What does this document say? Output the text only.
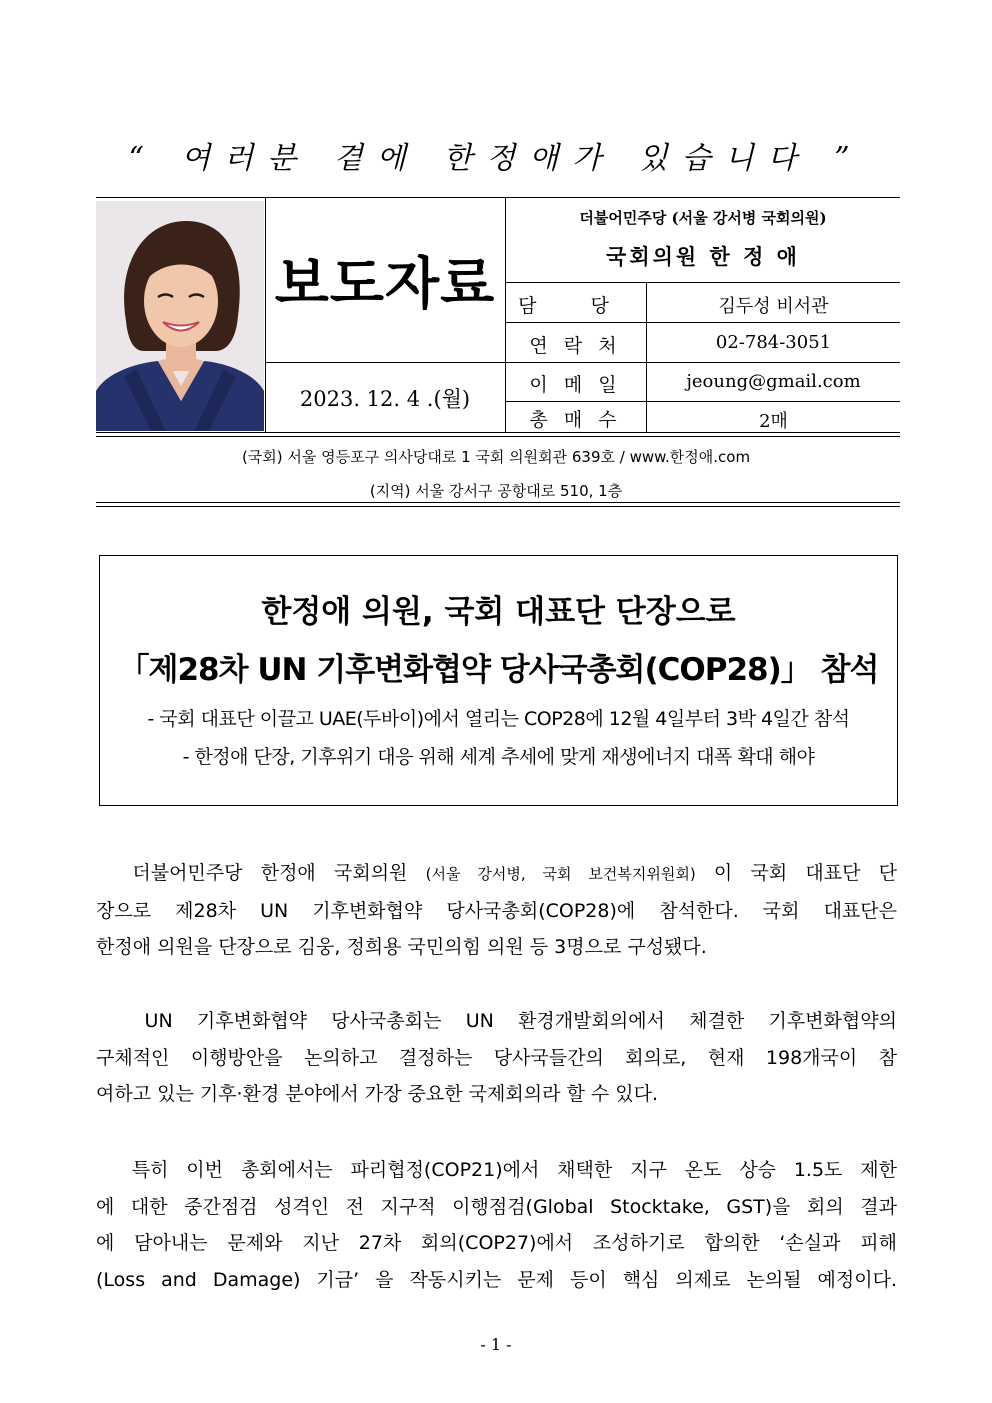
“ 여러분 곁에 한정애가 있습니다 ”
보도자료
2023. 12. 4 .(월)
더불어민주당 (서울 강서병 국회의원)
국회의원 한 정 애
담 당	김두성 비서관
연 락 처	02-784-3051
이 메 일	jeoung@gmail.com
총 매 수	2매
(국회) 서울 영등포구 의사당대로 1 국회 의원회관 639호 / www.한정애.com
(지역) 서울 강서구 공항대로 510, 1층
한정애 의원, 국회 대표단 단장으로
「제28차 UN 기후변화협약 당사국총회(COP28)」 참석
- 국회 대표단 이끌고 UAE(두바이)에서 열리는 COP28에 12월 4일부터 3박 4일간 참석
- 한정애 단장, 기후위기 대응 위해 세계 추세에 맞게 재생에너지 대폭 확대 해야
더불어민주당 한정애 국회의원 (서울 강서병, 국회 보건복지위원회) 이 국회 대표단 단
장으로 제28차 UN 기후변화협약 당사국총회(COP28)에 참석한다. 국회 대표단은
한정애 의원을 단장으로 김웅, 정희용 국민의힘 의원 등 3명으로 구성됐다.
UN 기후변화협약 당사국총회는 UN 환경개발회의에서 체결한 기후변화협약의
구체적인 이행방안을 논의하고 결정하는 당사국들간의 회의로, 현재 198개국이 참
여하고 있는 기후·환경 분야에서 가장 중요한 국제회의라 할 수 있다.
특히 이번 총회에서는 파리협정(COP21)에서 채택한 지구 온도 상승 1.5도 제한
에 대한 중간점검 성격인 전 지구적 이행점검(Global Stocktake, GST)을 회의 결과
에 담아내는 문제와 지난 27차 회의(COP27)에서 조성하기로 합의한 ‘손실과 피해
(Loss and Damage) 기금’ 을 작동시키는 문제 등이 핵심 의제로 논의될 예정이다.
- 1 -
